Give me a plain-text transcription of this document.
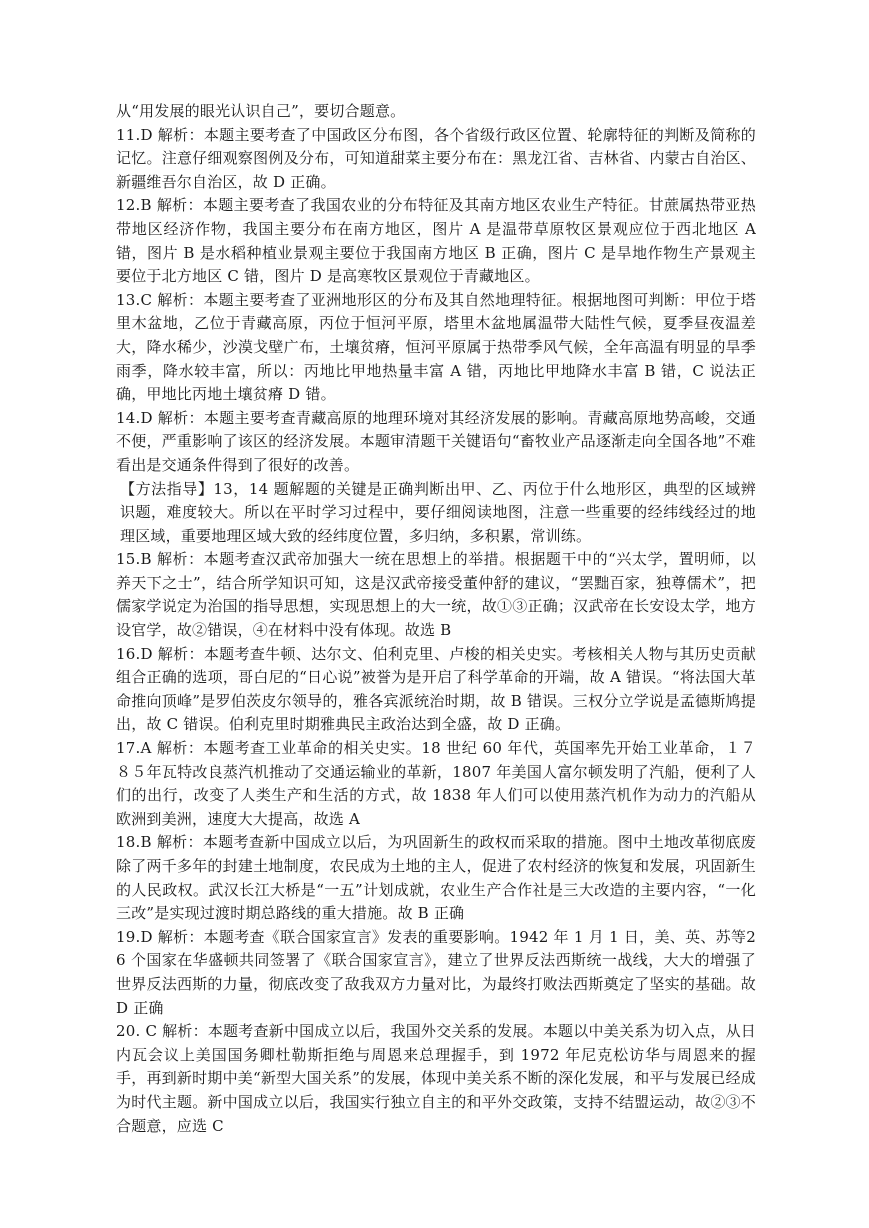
从“用发展的眼光认识自己”，要切合题意。

11.D 解析：本题主要考查了中国政区分布图，各个省级行政区位置、轮廓特征的判断及简称的记忆。注意仔细观察图例及分布，可知道甜菜主要分布在：黑龙江省、吉林省、内蒙古自治区、新疆维吾尔自治区，故 D 正确。

12.B 解析：本题主要考查了我国农业的分布特征及其南方地区农业生产特征。甘蔗属热带亚热带地区经济作物，我国主要分布在南方地区，图片 A 是温带草原牧区景观应位于西北地区 A 错，图片 B 是水稻种植业景观主要位于我国南方地区 B 正确，图片 C 是旱地作物生产景观主要位于北方地区 C 错，图片 D 是高寒牧区景观位于青藏地区。

13.C 解析：本题主要考查了亚洲地形区的分布及其自然地理特征。根据地图可判断：甲位于塔里木盆地，乙位于青藏高原，丙位于恒河平原，塔里木盆地属温带大陆性气候，夏季昼夜温差大，降水稀少，沙漠戈壁广布，土壤贫瘠，恒河平原属于热带季风气候，全年高温有明显的旱季雨季，降水较丰富，所以：丙地比甲地热量丰富 A 错，丙地比甲地降水丰富 B 错，C 说法正确，甲地比丙地土壤贫瘠 D 错。

14.D 解析：本题主要考查青藏高原的地理环境对其经济发展的影响。青藏高原地势高峻，交通不便，严重影响了该区的经济发展。本题审清题干关键语句“畜牧业产品逐渐走向全国各地”不难看出是交通条件得到了很好的改善。

【方法指导】13，14 题解题的关键是正确判断出甲、乙、丙位于什么地形区，典型的区域辨识题，难度较大。所以在平时学习过程中，要仔细阅读地图，注意一些重要的经纬线经过的地理区域，重要地理区域大致的经纬度位置，多归纳，多积累，常训练。

15.B 解析：本题考查汉武帝加强大一统在思想上的举措。根据题干中的“兴太学，置明师，以养天下之士”，结合所学知识可知，这是汉武帝接受董仲舒的建议，“罢黜百家，独尊儒术”，把儒家学说定为治国的指导思想，实现思想上的大一统，故①③正确；汉武帝在长安设太学，地方设官学，故②错误，④在材料中没有体现。故选 B

16.D 解析：本题考查牛顿、达尔文、伯利克里、卢梭的相关史实。考核相关人物与其历史贡献组合正确的选项，哥白尼的“日心说”被誉为是开启了科学革命的开端，故 A 错误。“将法国大革命推向顶峰”是罗伯茨皮尔领导的，雅各宾派统治时期，故 B 错误。三权分立学说是孟德斯鸠提出，故 C 错误。伯利克里时期雅典民主政治达到全盛，故 D 正确。

17.A 解析：本题考查工业革命的相关史实。18 世纪 60 年代，英国率先开始工业革命，１７８５年瓦特改良蒸汽机推动了交通运输业的革新，1807 年美国人富尔顿发明了汽船，便利了人们的出行，改变了人类生产和生活的方式，故 1838 年人们可以使用蒸汽机作为动力的汽船从欧洲到美洲，速度大大提高，故选 A

18.B 解析：本题考查新中国成立以后，为巩固新生的政权而采取的措施。图中土地改革彻底废除了两千多年的封建土地制度，农民成为土地的主人，促进了农村经济的恢复和发展，巩固新生的人民政权。武汉长江大桥是“一五”计划成就，农业生产合作社是三大改造的主要内容，“一化三改”是实现过渡时期总路线的重大措施。故 B 正确

19.D 解析：本题考查《联合国家宣言》发表的重要影响。1942 年 1 月 1 日，美、英、苏等26 个国家在华盛顿共同签署了《联合国家宣言》，建立了世界反法西斯统一战线，大大的增强了世界反法西斯的力量，彻底改变了敌我双方力量对比，为最终打败法西斯奠定了坚实的基础。故 D 正确

20. C 解析：本题考查新中国成立以后，我国外交关系的发展。本题以中美关系为切入点，从日内瓦会议上美国国务卿杜勒斯拒绝与周恩来总理握手，到 1972 年尼克松访华与周恩来的握手，再到新时期中美“新型大国关系”的发展，体现中美关系不断的深化发展，和平与发展已经成为时代主题。新中国成立以后，我国实行独立自主的和平外交政策，支持不结盟运动，故②③不合题意，应选 C
